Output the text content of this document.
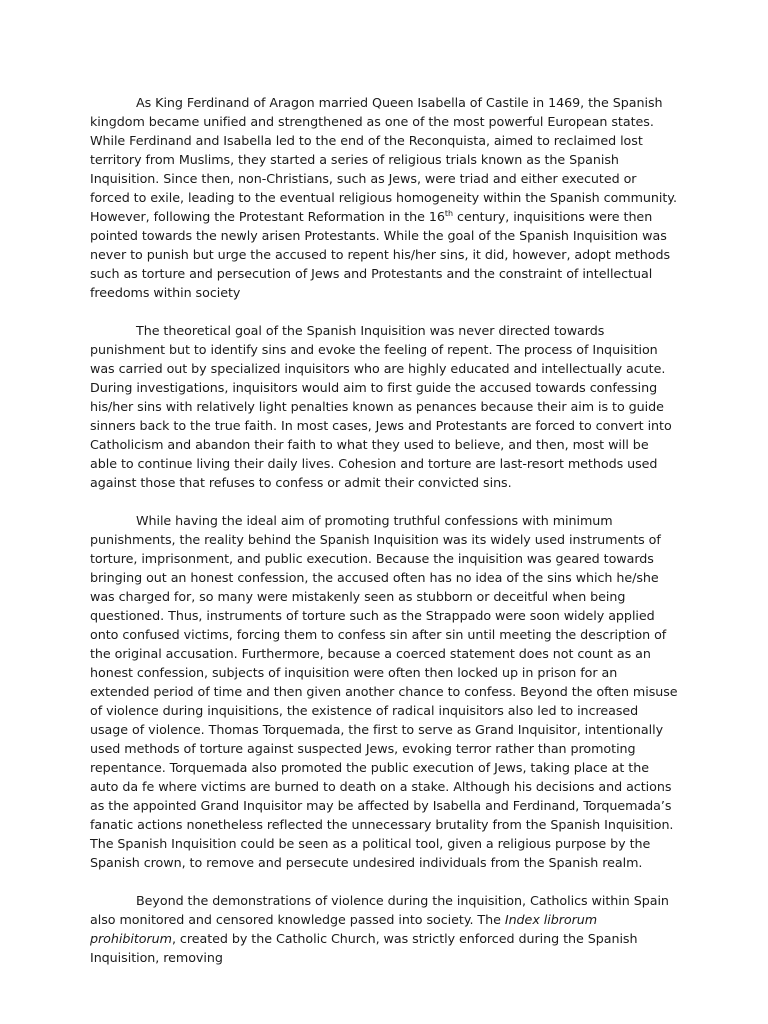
As King Ferdinand of Aragon married Queen Isabella of Castile in 1469, the Spanish kingdom became unified and strengthened as one of the most powerful European states. While Ferdinand and Isabella led to the end of the Reconquista, aimed to reclaimed lost territory from Muslims, they started a series of religious trials known as the Spanish Inquisition. Since then, non-Christians, such as Jews, were triad and either executed or forced to exile, leading to the eventual religious homogeneity within the Spanish community. However, following the Protestant Reformation in the 16th century, inquisitions were then pointed towards the newly arisen Protestants. While the goal of the Spanish Inquisition was never to punish but urge the accused to repent his/her sins, it did, however, adopt methods such as torture and persecution of Jews and Protestants and the constraint of intellectual freedoms within society

The theoretical goal of the Spanish Inquisition was never directed towards punishment but to identify sins and evoke the feeling of repent. The process of Inquisition was carried out by specialized inquisitors who are highly educated and intellectually acute. During investigations, inquisitors would aim to first guide the accused towards confessing his/her sins with relatively light penalties known as penances because their aim is to guide sinners back to the true faith. In most cases, Jews and Protestants are forced to convert into Catholicism and abandon their faith to what they used to believe, and then, most will be able to continue living their daily lives. Cohesion and torture are last-resort methods used against those that refuses to confess or admit their convicted sins.

While having the ideal aim of promoting truthful confessions with minimum punishments, the reality behind the Spanish Inquisition was its widely used instruments of torture, imprisonment, and public execution. Because the inquisition was geared towards bringing out an honest confession, the accused often has no idea of the sins which he/she was charged for, so many were mistakenly seen as stubborn or deceitful when being questioned. Thus, instruments of torture such as the Strappado were soon widely applied onto confused victims, forcing them to confess sin after sin until meeting the description of the original accusation. Furthermore, because a coerced statement does not count as an honest confession, subjects of inquisition were often then locked up in prison for an extended period of time and then given another chance to confess. Beyond the often misuse of violence during inquisitions, the existence of radical inquisitors also led to increased usage of violence. Thomas Torquemada, the first to serve as Grand Inquisitor, intentionally used methods of torture against suspected Jews, evoking terror rather than promoting repentance. Torquemada also promoted the public execution of Jews, taking place at the auto da fe where victims are burned to death on a stake. Although his decisions and actions as the appointed Grand Inquisitor may be affected by Isabella and Ferdinand, Torquemada’s fanatic actions nonetheless reflected the unnecessary brutality from the Spanish Inquisition. The Spanish Inquisition could be seen as a political tool, given a religious purpose by the Spanish crown, to remove and persecute undesired individuals from the Spanish realm.

Beyond the demonstrations of violence during the inquisition, Catholics within Spain also monitored and censored knowledge passed into society. The Index librorum prohibitorum, created by the Catholic Church, was strictly enforced during the Spanish Inquisition, removing
